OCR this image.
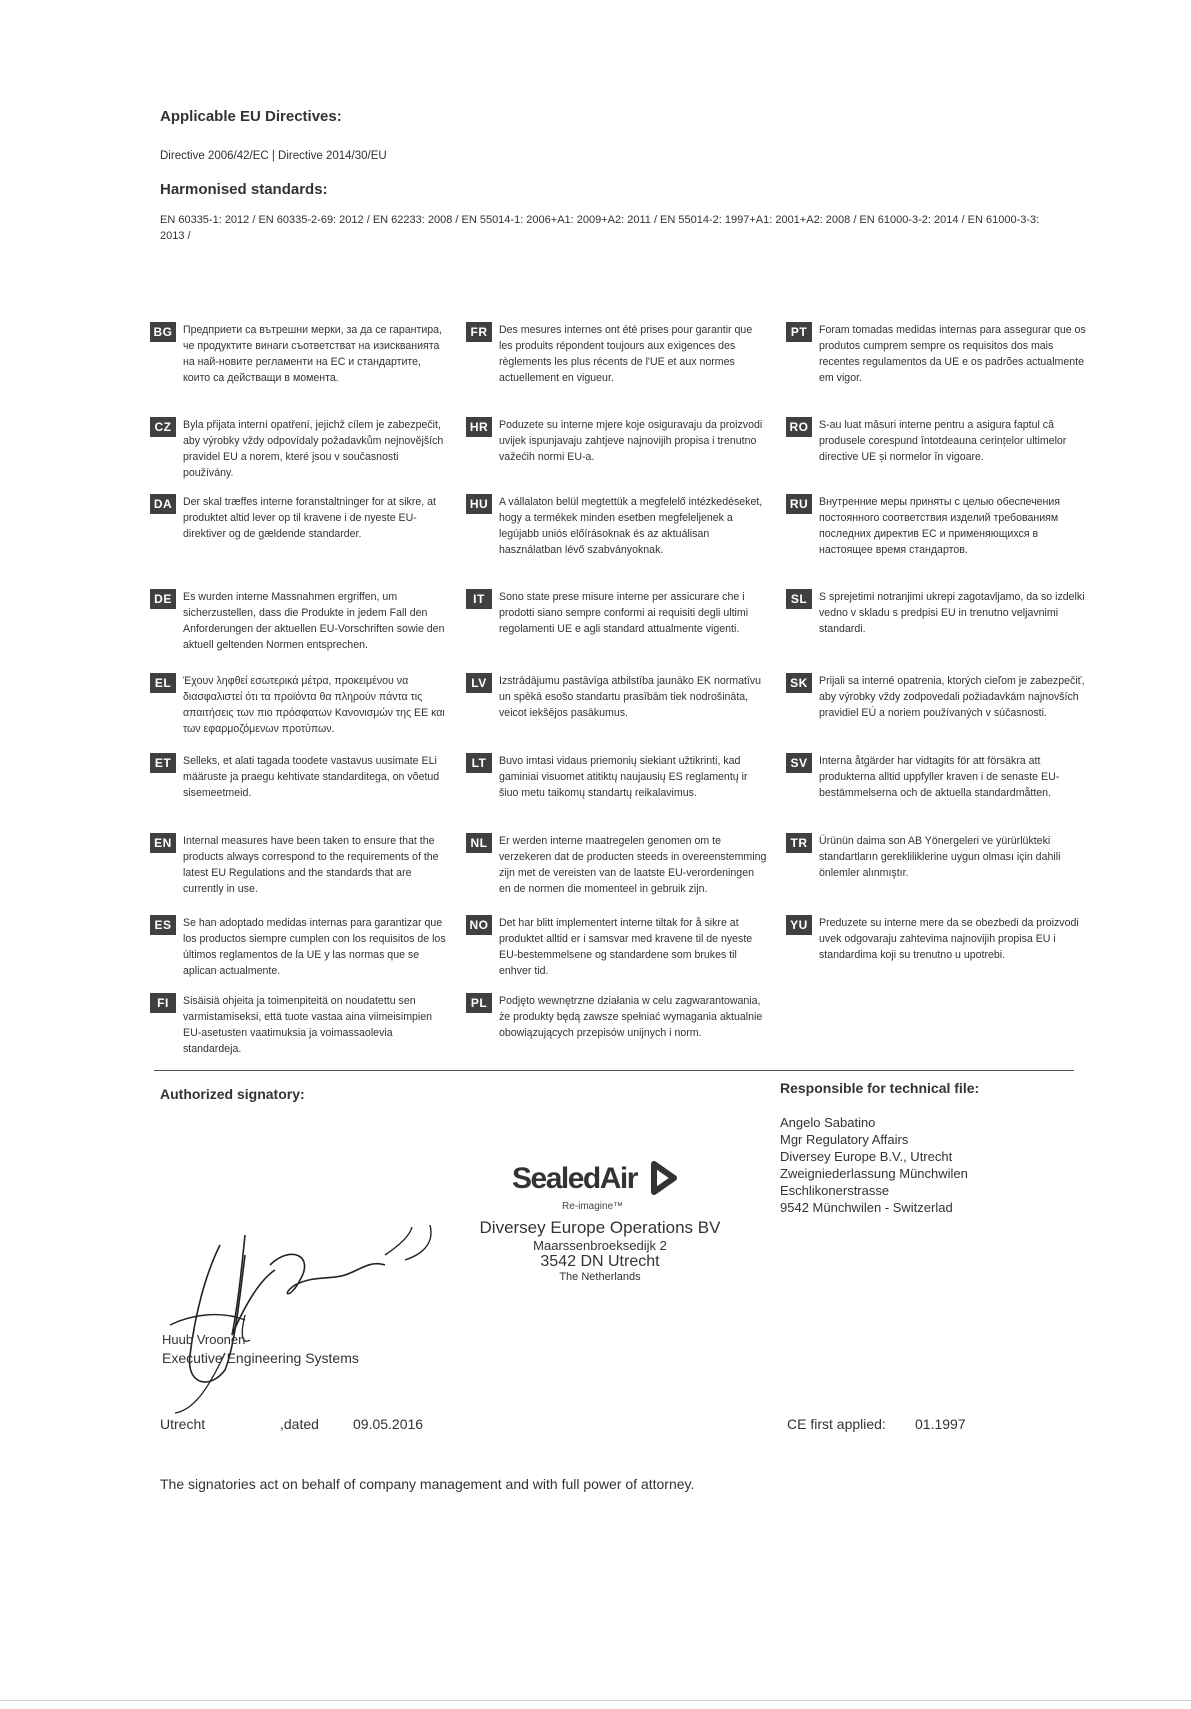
Applicable EU Directives:
Directive 2006/42/EC | Directive 2014/30/EU
Harmonised standards:
EN 60335-1: 2012 / EN 60335-2-69: 2012 / EN 62233: 2008 / EN 55014-1: 2006+A1: 2009+A2: 2011 / EN 55014-2: 1997+A1: 2001+A2: 2008 / EN 61000-3-2: 2014 / EN 61000-3-3: 2013 /
BG Предприети са вътрешни мерки, за да се гарантира, че продуктите винаги съответстват на изискванията на най-новите регламенти на ЕС и стандартите, които са действащи в момента.
CZ	Byla přijata interní opatření, jejichž cílem je zabezpečit, aby výrobky vždy odpovídaly požadavkům nejnovějších pravidel EU a norem, které jsou v současnosti používány.
DA	Der skal træffes interne foranstaltninger for at sikre, at produktet altid lever op til kravene i de nyeste EU-direktiver og de gældende standarder.
DE	Es wurden interne Massnahmen ergriffen, um sicherzustellen, dass die Produkte in jedem Fall den Anforderungen der aktuellen EU-Vorschriften sowie den aktuell geltenden Normen entsprechen.
EL	Έχουν ληφθεί εσωτερικά μέτρα, προκειμένου να διασφαλιστεί ότι τα προϊόντα θα πληρούν πάντα τις απαιτήσεις των πιο πρόσφατων Κανονισμών της ΕΕ και των εφαρμοζόμενων προτύπων.
ET	Selleks, et alati tagada toodete vastavus uusimate ELi määruste ja praegu kehtivate standarditega, on võetud sisemeetmeid.
EN	Internal measures have been taken to ensure that the products always correspond to the requirements of the latest EU Regulations and the standards that are currently in use.
ES	Se han adoptado medidas internas para garantizar que los productos siempre cumplen con los requisitos de los últimos reglamentos de la UE y las normas que se aplican actualmente.
FI	Sisäisiä ohjeita ja toimenpiteitä on noudatettu sen varmistamiseksi, että tuote vastaa aina viimeisimpien EU-asetusten vaatimuksia ja voimassaolevia standardeja.
FR	Des mesures internes ont été prises pour garantir que les produits répondent toujours aux exigences des règlements les plus récents de l'UE et aux normes actuellement en vigueur.
HR	Poduzete su interne mjere koje osiguravaju da proizvodi uvijek ispunjavaju zahtjeve najnovijih propisa i trenutno važećih normi EU-a.
HU	A vállalaton belül megtettük a megfelelő intézkedéseket, hogy a termékek minden esetben megfeleljenek a legújabb uniós előírásoknak és az aktuálisan használatban lévő szabványoknak.
IT	Sono state prese misure interne per assicurare che i prodotti siano sempre conformi ai requisiti degli ultimi regolamenti UE e agli standard attualmente vigenti.
LV	Izstrādājumu pastāvīga atbilstība jaunāko EK normatīvu un spēkā esošo standartu prasībām tiek nodrošināta, veicot iekšējos pasākumus.
LT	Buvo imtasi vidaus priemonių siekiant užtikrinti, kad gaminiai visuomet atitiktų naujausių ES reglamentų ir šiuo metu taikomų standartų reikalavimus.
NL	Er werden interne maatregelen genomen om te verzekeren dat de producten steeds in overeenstemming zijn met de vereisten van de laatste EU-verordeningen en de normen die momenteel in gebruik zijn.
NO Det har blitt implementert interne tiltak for å sikre at produktet alltid er i samsvar med kravene til de nyeste EU-bestemmelsene og standardene som brukes til enhver tid.
PL	Podjęto wewnętrzne działania w celu zagwarantowania, że produkty będą zawsze spełniać wymagania aktualnie obowiązujących przepisów unijnych i norm.
PT	Foram tomadas medidas internas para assegurar que os produtos cumprem sempre os requisitos dos mais recentes regulamentos da UE e os padrões actualmente em vigor.
RO S-au luat măsuri interne pentru a asigura faptul că produsele corespund întotdeauna cerințelor ultimelor directive UE și normelor în vigoare.
RU	Внутренние меры приняты с целью обеспечения постоянного соответствия изделий требованиям последних директив ЕС и применяющихся в настоящее время стандартов.
SL	S sprejetimi notranjimi ukrepi zagotavljamo, da so izdelki vedno v skladu s predpisi EU in trenutno veljavnimi standardi.
SK	Prijali sa interné opatrenia, ktorých cieľom je zabezpečiť, aby výrobky vždy zodpovedali požiadavkám najnovších pravidiel EÚ a noriem používaných v súčasnosti.
SV	Interna åtgärder har vidtagits för att försäkra att produkterna alltid uppfyller kraven i de senaste EU-bestämmelserna och de aktuella standardmåtten.
TR	Ürünün daima son AB Yönergeleri ve yürürlükteki standartların gerekliliklerine uygun olması için dahili önlemler alınmıştır.
YU	Preduzete su interne mere da se obezbedi da proizvodi uvek odgovaraju zahtevima najnovijih propisa EU i standardima koji su trenutno u upotrebi.
Authorized signatory:	Responsible for technical file:
Angelo Sabatino
Mgr Regulatory Affairs
Diversey Europe B.V., Utrecht
Zweigniederlassung Münchwilen
Eschlikonerstrasse
9542 Münchwilen - Switzerlad
SealedAir
Re-imagine™
Diversey Europe Operations BV
Maarssenbroeksedijk 2
3542 DN Utrecht
The Netherlands
Huub Vroonen
Executive Engineering Systems
Utrecht	,dated 09.05.2016	CE first applied: 01.1997
The signatories act on behalf of company management and with full power of attorney.
